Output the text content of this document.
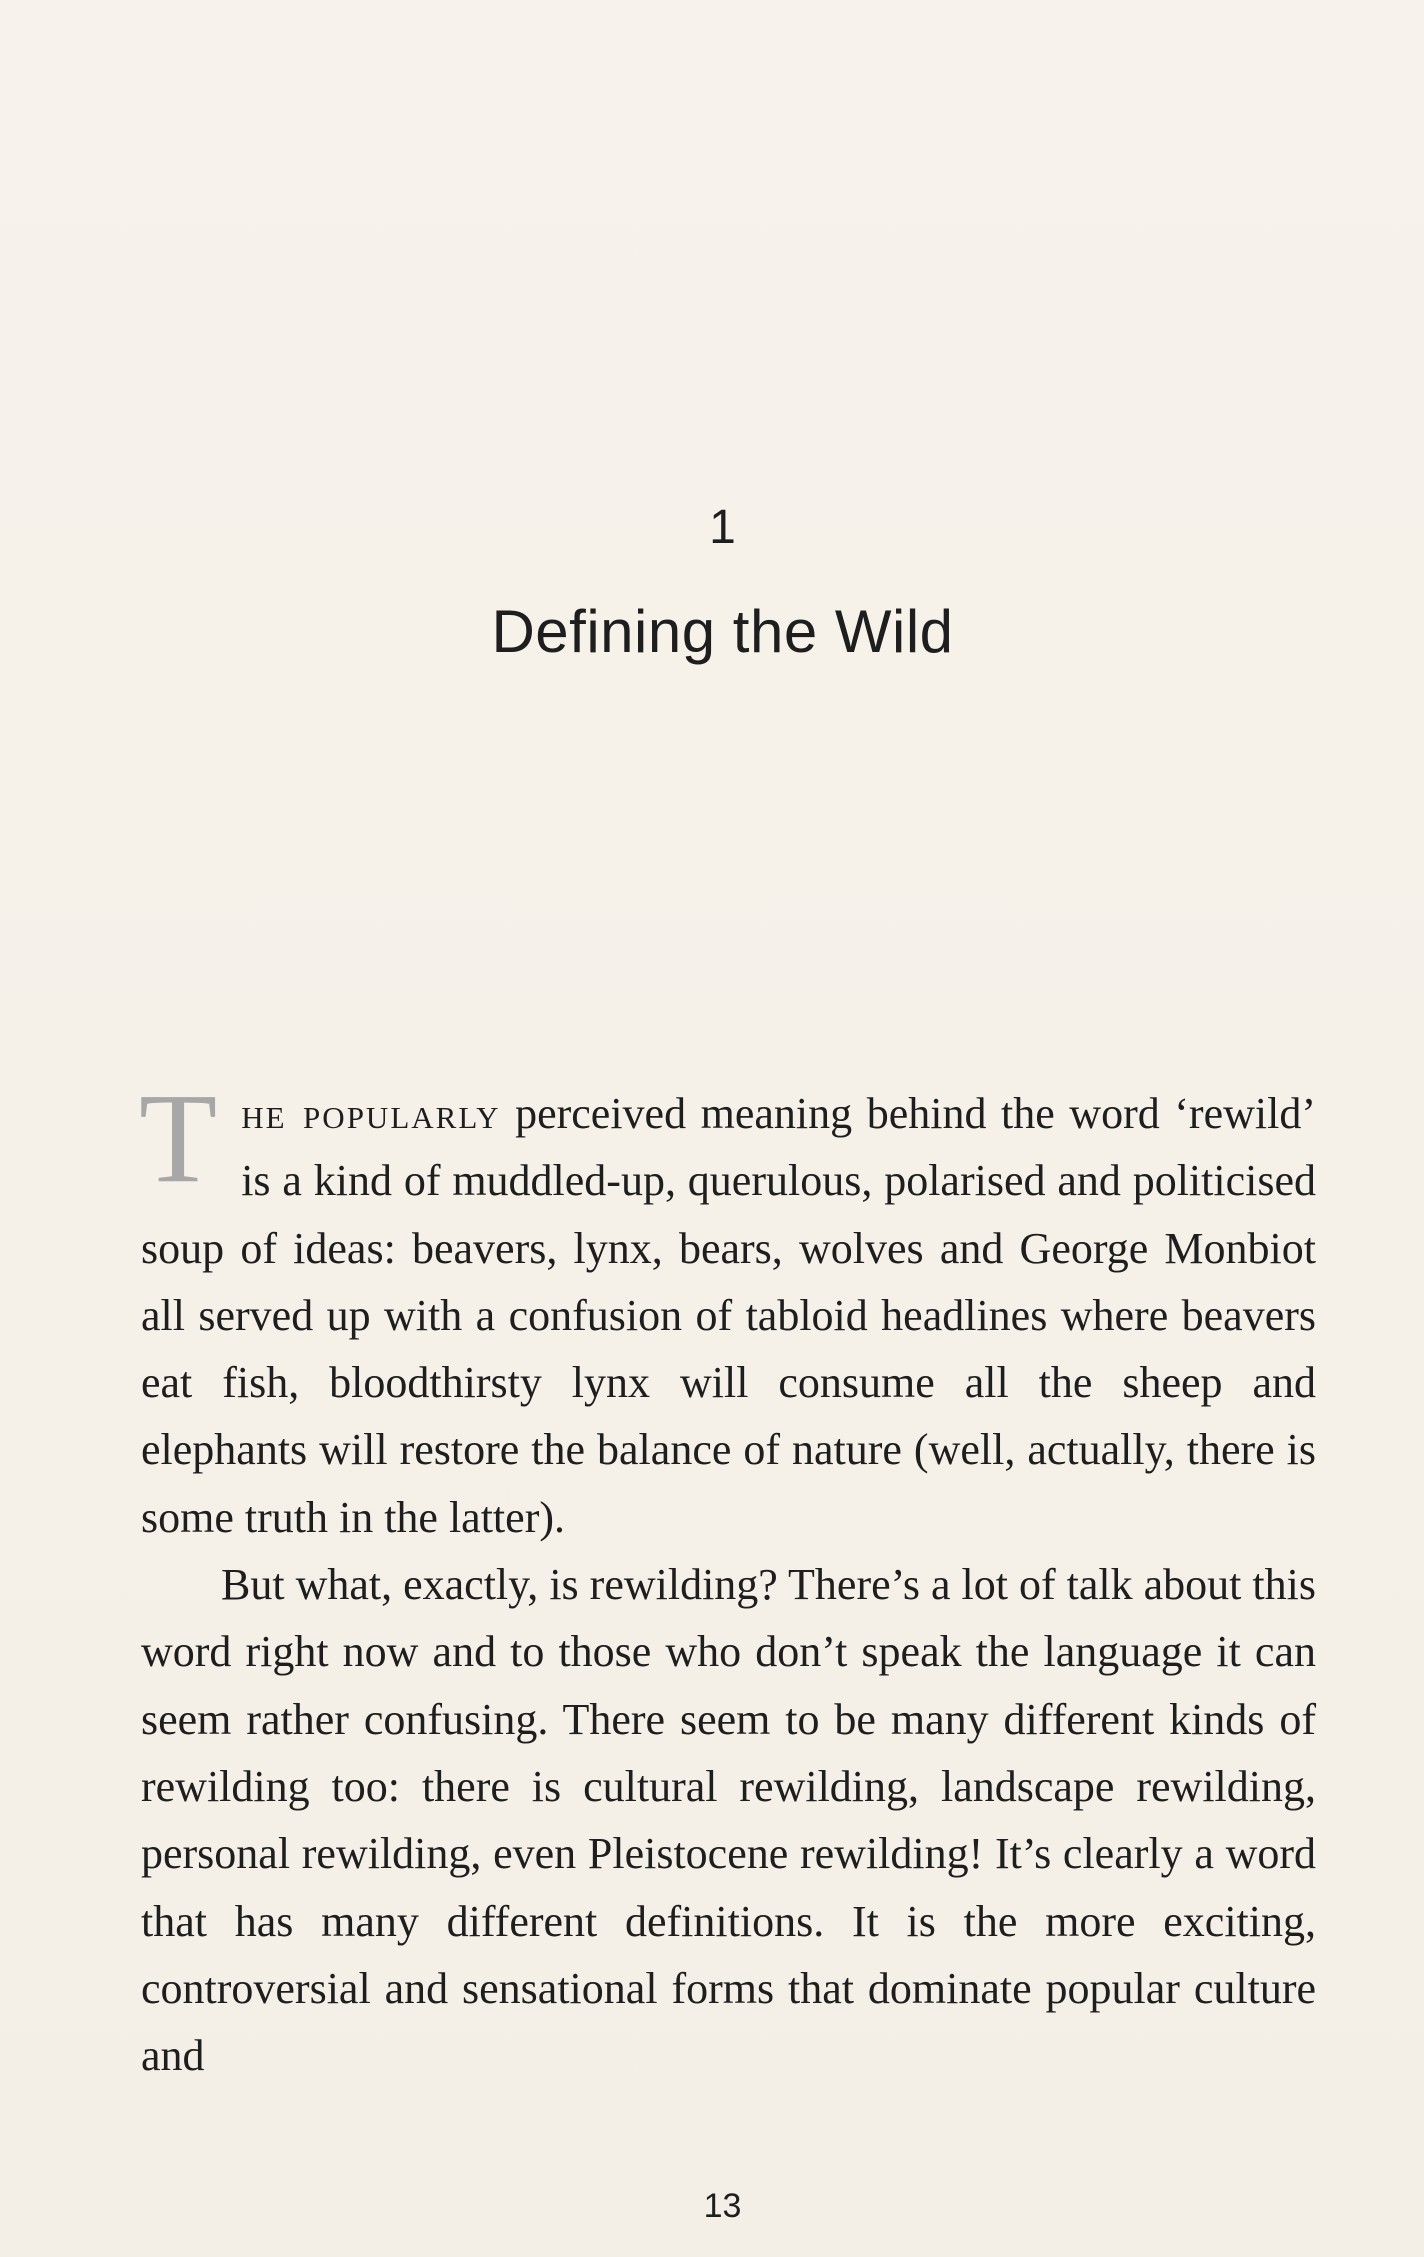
1
Defining the Wild

The popularly perceived meaning behind the word ‘rewild’ is a kind of muddled-up, querulous, polarised and politicised soup of ideas: beavers, lynx, bears, wolves and George Monbiot all served up with a confusion of tabloid headlines where beavers eat fish, bloodthirsty lynx will consume all the sheep and elephants will restore the balance of nature (well, actually, there is some truth in the latter).

But what, exactly, is rewilding? There’s a lot of talk about this word right now and to those who don’t speak the language it can seem rather confusing. There seem to be many different kinds of rewilding too: there is cultural rewilding, landscape rewilding, personal rewilding, even Pleistocene rewilding! It’s clearly a word that has many different definitions. It is the more exciting, controversial and sensational forms that dominate popular culture and

13
